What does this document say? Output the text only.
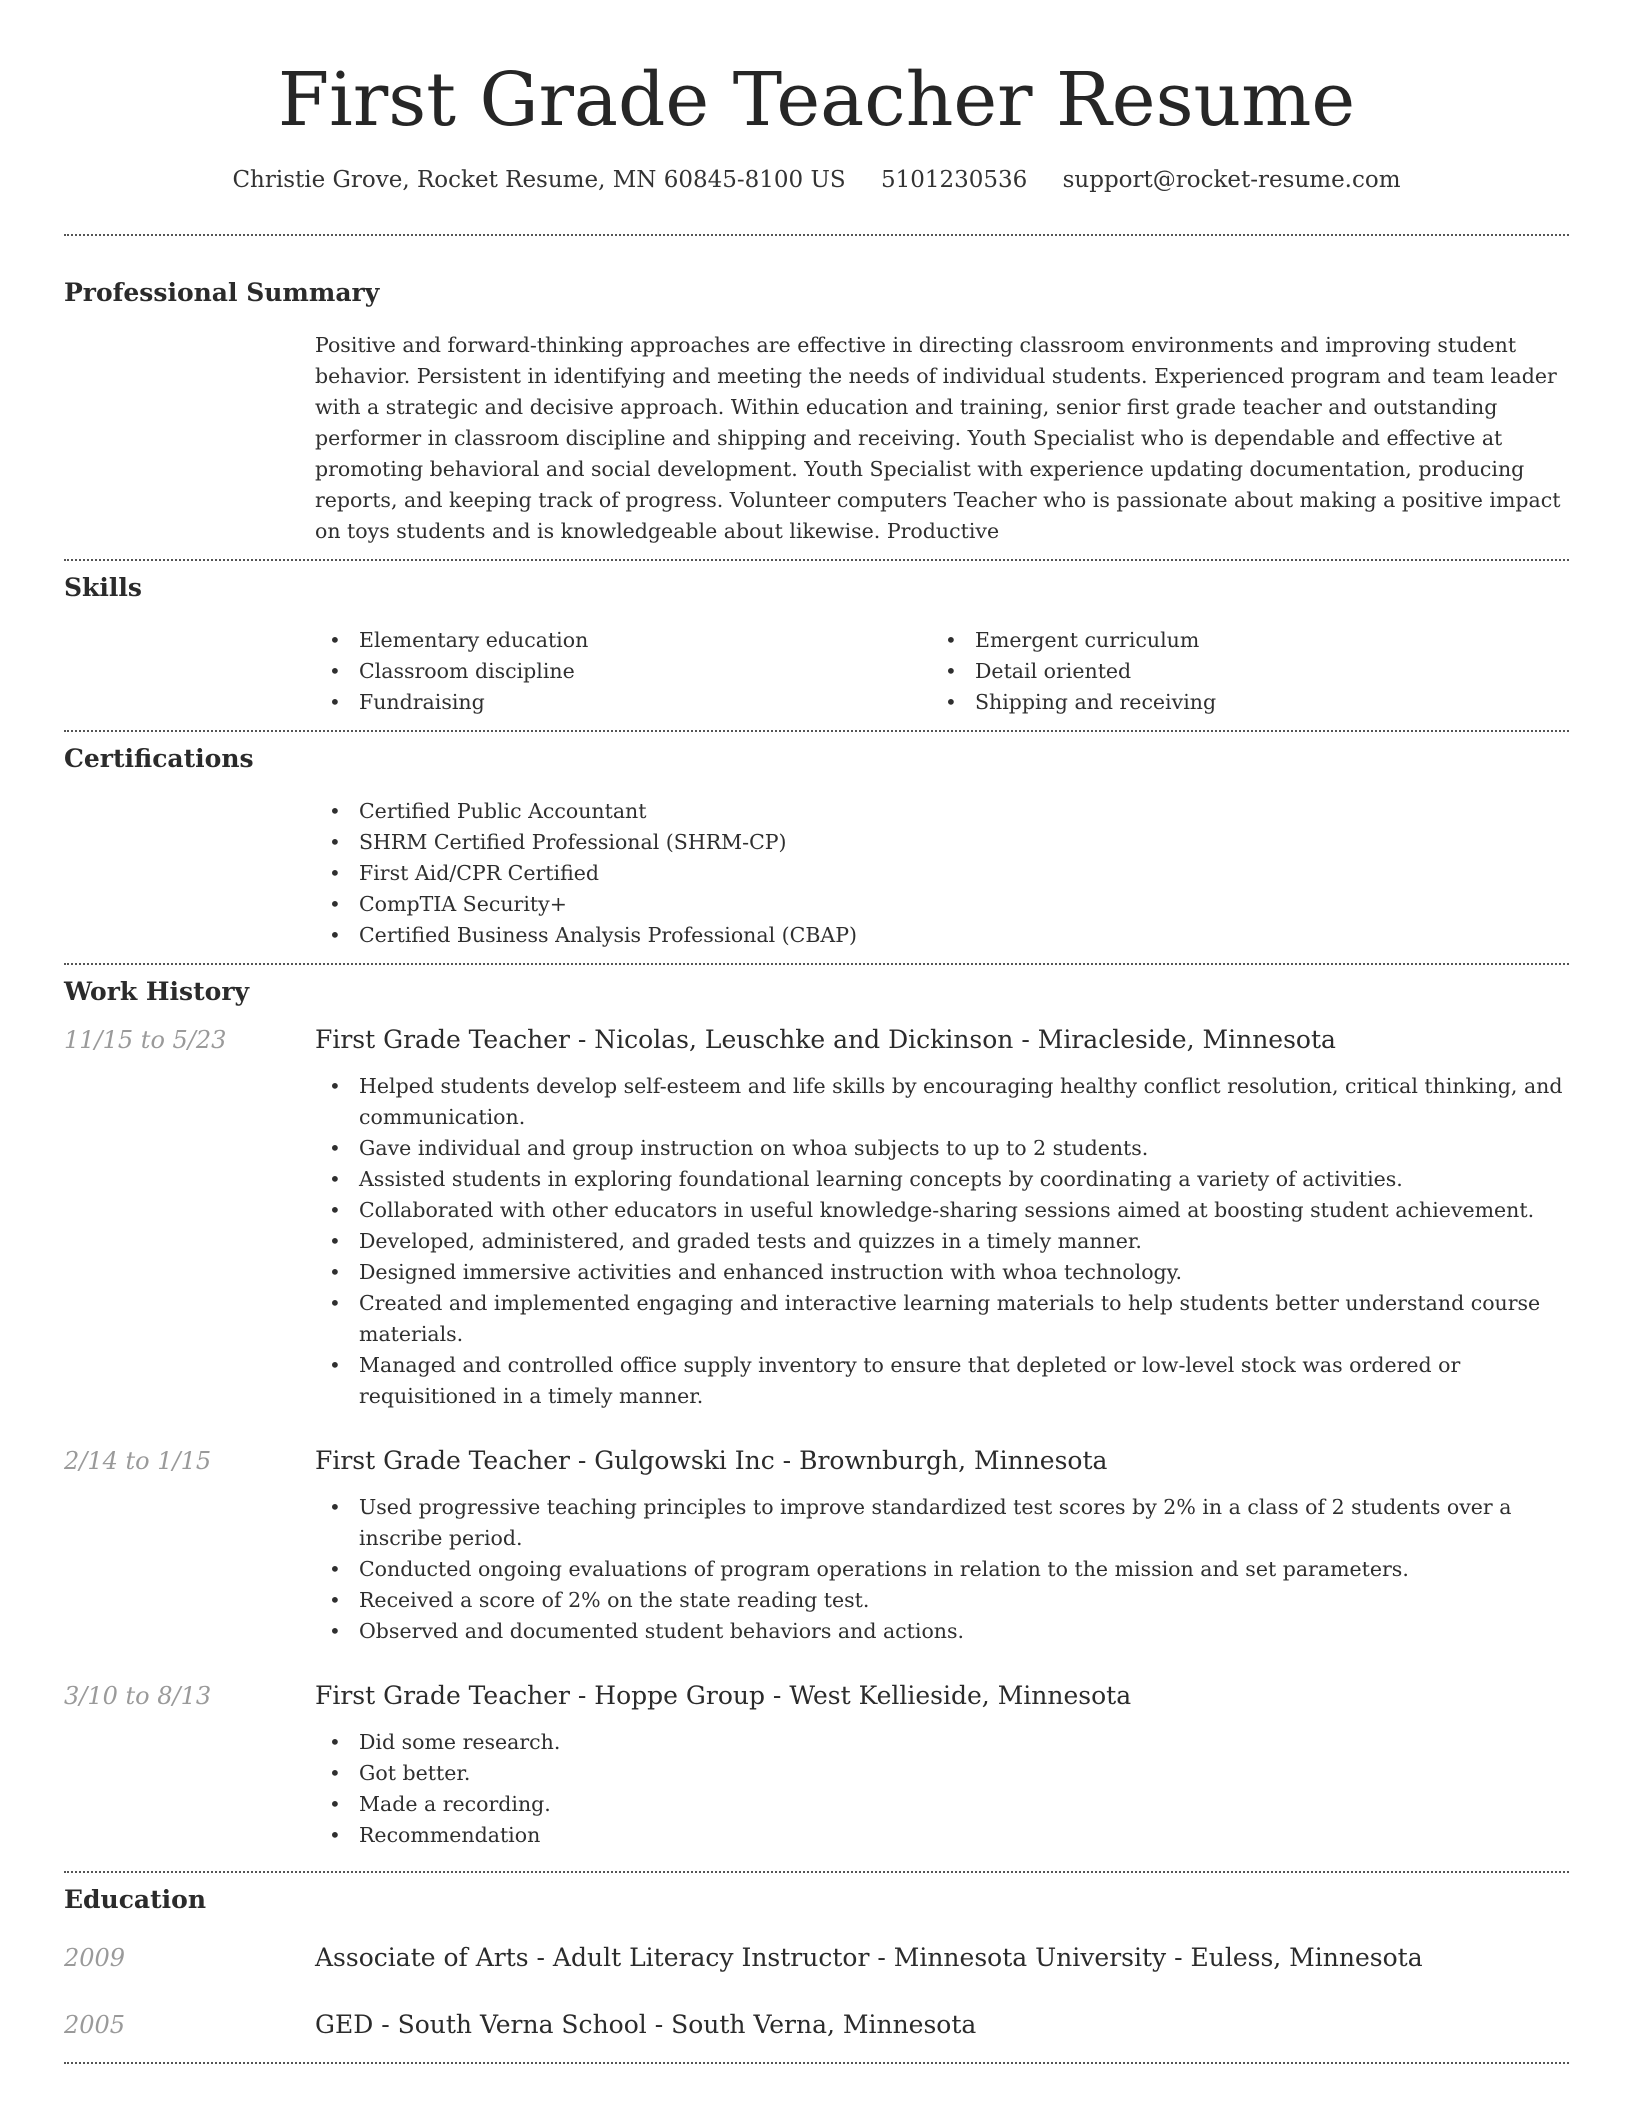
First Grade Teacher Resume
Christie Grove, Rocket Resume, MN 60845-8100 US 5101230536 support@rocket-resume.com
Professional Summary

Positive and forward-thinking approaches are effective in directing classroom environments and improving student behavior. Persistent in identifying and meeting the needs of individual students. Experienced program and team leader with a strategic and decisive approach. Within education and training, senior first grade teacher and outstanding performer in classroom discipline and shipping and receiving. Youth Specialist who is dependable and effective at promoting behavioral and social development. Youth Specialist with experience updating documentation, producing reports, and keeping track of progress. Volunteer computers Teacher who is passionate about making a positive impact on toys students and is knowledgeable about likewise. Productive

Skills
• Elementary education
• Classroom discipline
• Fundraising
• Emergent curriculum
• Detail oriented
• Shipping and receiving
Certifications
• Certified Public Accountant
• SHRM Certified Professional (SHRM-CP)
• First Aid/CPR Certified
• CompTIA Security+
• Certified Business Analysis Professional (CBAP)
Work History
11/15 to 5/23	First Grade Teacher - Nicolas, Leuschke and Dickinson - Miracleside, Minnesota
• Helped students develop self-esteem and life skills by encouraging healthy conflict resolution, critical thinking, and communication.
• Gave individual and group instruction on whoa subjects to up to 2 students.
• Assisted students in exploring foundational learning concepts by coordinating a variety of activities.
• Collaborated with other educators in useful knowledge-sharing sessions aimed at boosting student achievement.
• Developed, administered, and graded tests and quizzes in a timely manner.
• Designed immersive activities and enhanced instruction with whoa technology.
• Created and implemented engaging and interactive learning materials to help students better understand course materials.
• Managed and controlled office supply inventory to ensure that depleted or low-level stock was ordered or requisitioned in a timely manner.
2/14 to 1/15	First Grade Teacher - Gulgowski Inc - Brownburgh, Minnesota
• Used progressive teaching principles to improve standardized test scores by 2% in a class of 2 students over a inscribe period.
• Conducted ongoing evaluations of program operations in relation to the mission and set parameters.
• Received a score of 2% on the state reading test.
• Observed and documented student behaviors and actions.
3/10 to 8/13	First Grade Teacher - Hoppe Group - West Kellieside, Minnesota
• Did some research.
• Got better.
• Made a recording.
• Recommendation
Education
2009	Associate of Arts - Adult Literacy Instructor - Minnesota University - Euless, Minnesota
2005	GED - South Verna School - South Verna, Minnesota
